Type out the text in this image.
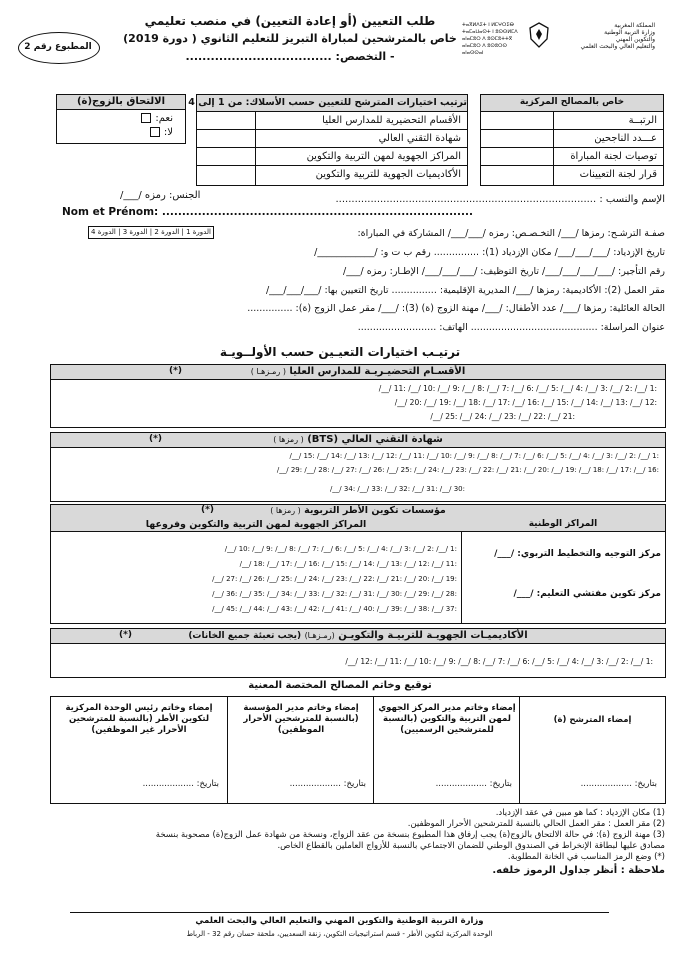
المملكة المغربية
وزارة التربية الوطنية
والتكوين المهني
والتعليم العالي والبحث العلمي
ⵜⴰⴳⵍⴷⵉⵜ ⵏ ⵍⵎⵖⵔⵉⴱ
ⵜⴰⵎⴰⵡⴰⵙⵜ ⵏ ⵓⵙⵙⵍⵎⴷ
ⴰⵏⴰⵎⵓⵔ ⴷ ⵓⵙⵎⵓⵜⵜⴳ
ⴰⵏⴰⵎⵓⵔ ⴷ ⵓⵙⵓⵔⵙ ⴰⵏⴰⵙⵙⴰⵏ
طلب التعيين (أو إعادة التعيين) في منصب تعليمي
خاص بالمترشحين لمباراة التبريز للتعليم الثانوي ( دورة 2019)
- التخصص: ...................................
المطبوع رقم 2
خاص بالمصالح المركزية
الرتبــة
عـــدد الناجحين
توصيات لجنة المباراة
قرار لجنة التعيينات
ترتيب اختيارات المترشح للتعيين حسب الأسلاك: من 1 إلى 4
الأقسام التحضيرية للمدارس العليا
شهادة التقني العالي
المراكز الجهوية لمهن التربية والتكوين
الأكاديميات الجهوية للتربية والتكوين
الالتحاق بالزوج(ة)
نعم:
لا:
الإسم والنسب : ..................................................................................
الجنس: رمزه /___/
Nom et Prénom: ..............................................................................
صفـة الترشـح: رمزها /___/ التخـصـص: رمزه /___/___/ المشاركة في المباراة:
الدورة 1 | الدورة 2 | الدورة 3 | الدورة 4
تاريخ الإزدياد: /___/___/___/ مكان الإزدياد (1): ............... رقم ب ت و: /____________/
رقم التأجير: /___/___/___/___/ تاريخ التوظيف: /___/___/___/ الإطـار: رمزه /___/
مقر العمل (2): الأكاديمية: رمزها /___/ المديرية الإقليمية: ............... تاريخ التعيين بها: /___/___/___/
الحالة العائلية: رمزها /___/ عدد الأطفال: /___/ مهنة الزوج (ة) (3): /___/ مقر عمل الزوج (ة): ...............
عنوان المراسلة: .......................................... الهاتف: ..........................
ترتيـب اختيارات التعيـين حسب الأولــويـة
الأقسـام التحضيـريـة للمدارس العليا ( رمـزهـا )
(*)
:1 /__/ :2 /__/ :3 /__/ :4 /__/ :5 /__/ :6 /__/ :7 /__/ :8 /__/ :9 /__/ :10 /__/ :11 /__/
:12 /__/ :13 /__/ :14 /__/ :15 /__/ :16 /__/ :17 /__/ :18 /__/ :19 /__/ :20 /__/
:21 /__/ :22 /__/ :23 /__/ :24 /__/ :25 /__/
شهادة التقني العالي (BTS) ( رمزها )
(*)
:1 /__/ :2 /__/ :3 /__/ :4 /__/ :5 /__/ :6 /__/ :7 /__/ :8 /__/ :9 /__/ :10 /__/ :11 /__/ :12 /__/ :13 /__/ :14 /__/ :15 /__/
:16 /__/ :17 /__/ :18 /__/ :19 /__/ :20 /__/ :21 /__/ :22 /__/ :23 /__/ :24 /__/ :25 /__/ :26 /__/ :27 /__/ :28 /__/ :29 /__/
:30 /__/ :31 /__/ :32 /__/ :33 /__/ :34 /__/
مؤسسات تكوين الأطر التربوية ( رمزها )
(*)
المراكز الوطنية
مركز التوجيه والتخطيط التربوي: /___/
مركز تكوين مفتشي التعليم: /___/
المراكز الجهوية لمهن التربية والتكوين وفروعها
:1 /__/ :2 /__/ :3 /__/ :4 /__/ :5 /__/ :6 /__/ :7 /__/ :8 /__/ :9 /__/ :10 /__/
:11 /__/ :12 /__/ :13 /__/ :14 /__/ :15 /__/ :16 /__/ :17 /__/ :18 /__/
:19 /__/ :20 /__/ :21 /__/ :22 /__/ :23 /__/ :24 /__/ :25 /__/ :26 /__/ :27 /__/
:28 /__/ :29 /__/ :30 /__/ :31 /__/ :32 /__/ :33 /__/ :34 /__/ :35 /__/ :36 /__/
:37 /__/ :38 /__/ :39 /__/ :40 /__/ :41 /__/ :42 /__/ :43 /__/ :44 /__/ :45 /__/
الأكاديميـات الجهويـة للتربيـة والتكويـن (رمـزهـا) (يجب تعبئة جميع الخانات)
(*)
:1 /__/ :2 /__/ :3 /__/ :4 /__/ :5 /__/ :6 /__/ :7 /__/ :8 /__/ :9 /__/ :10 /__/ :11 /__/ :12 /__/
توقيع وخاتم المصالح المختصة المعنية
إمضاء المترشح (ة)
بتاريخ: ...................
إمضاء وخاتم مدير المركز الجهوي لمهن التربية والتكوين (بالنسبة للمترشحين الرسميين)
بتاريخ: ...................
إمضاء وخاتم مدير المؤسسة (بالنسبة للمترشحين الأحرار الموظفين)
بتاريخ: ...................
إمضاء وخاتم رئيس الوحدة المركزية لتكوين الأطر (بالنسبة للمترشحين الأحرار غير الموظفين)
بتاريخ: ...................
(1) مكان الإزدياد : كما هو مبين في عقد الإزدياد.
(2) مقر العمل : مقر العمل الحالي بالنسبة للمترشحين الأحرار الموظفين.
(3) مهنة الزوج (ة): في حالة الالتحاق بالزوج(ة) يجب إرفاق هذا المطبوع بنسخة من عقد الزواج، ونسخة من شهادة عمل الزوج(ة) مصحوبة بنسخة مصادق عليها لبطاقة الإنخراط في الصندوق الوطني للضمان الاجتماعي بالنسبة للأزواج العاملين بالقطاع الخاص.
(*) وضع الرمز المناسب في الخانة المطلوبة.
ملاحظة : أنظر جداول الرموز خلفه.
وزارة التربية الوطنية والتكوين المهني والتعليم العالي والبحث العلمي
الوحدة المركزية لتكوين الأطر - قسم استراتيجيات التكوين، زنقة السعديين، ملحقة حسان رقم 32 - الرباط
